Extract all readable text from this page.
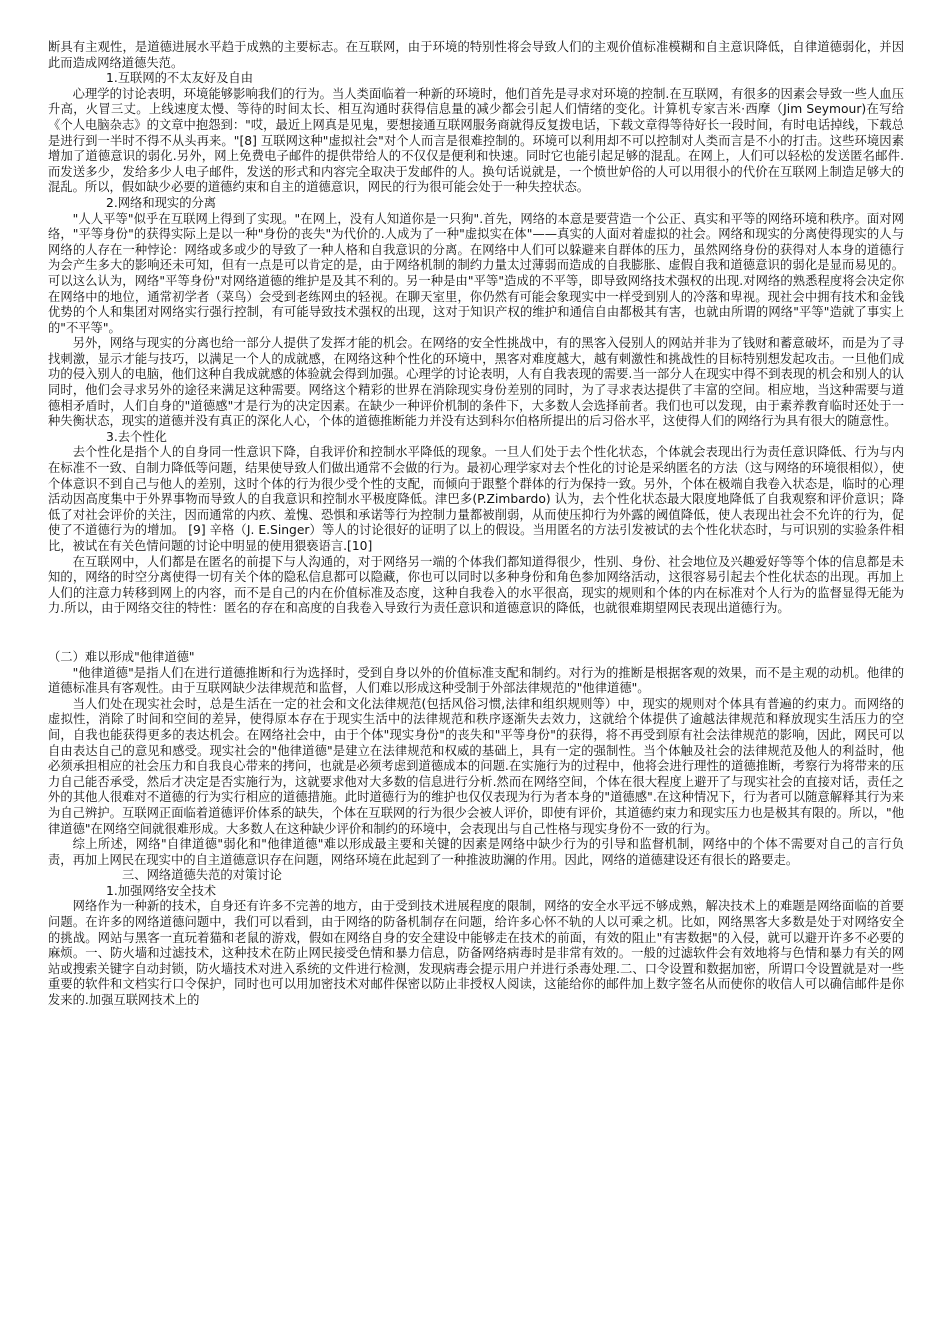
断具有主观性，是道德进展水平趋于成熟的主要标志。在互联网，由于环境的特别性将会导致人们的主观价值标准模糊和自主意识降低，自律道德弱化，并因此而造成网络道德失范。
1.互联网的不太友好及自由
心理学的讨论表明，环境能够影响我们的行为。当人类面临着一种新的环境时，他们首先是寻求对环境的控制.在互联网，有很多的因素会导致一些人血压升高，火冒三丈。上线速度太慢、等待的时间太长、相互沟通时获得信息量的减少都会引起人们情绪的变化。计算机专家吉米·西摩（Jim Seymour)在写给《个人电脑杂志》的文章中抱怨到："哎，最近上网真是见鬼，要想接通互联网服务商就得反复拨电话，下载文章得等待好长一段时间，有时电话掉线，下载总是进行到一半时不得不从头再来。"[8] 互联网这种"虚拟社会"对个人而言是很难控制的。环境可以利用却不可以控制对人类而言是不小的打击。这些环境因素增加了道德意识的弱化.另外，网上免费电子邮件的提供带给人的不仅仅是便利和快速。同时它也能引起足够的混乱。在网上，人们可以轻松的发送匿名邮件.而发送多少，发给多少人电子邮件，发送的形式和内容完全取决于发邮件的人。换句话说就是，一个愤世妒俗的人可以用很小的代价在互联网上制造足够大的混乱。所以，假如缺少必要的道德约束和自主的道德意识，网民的行为很可能会处于一种失控状态。
2.网络和现实的分离
"人人平等"似乎在互联网上得到了实现。"在网上，没有人知道你是一只狗".首先，网络的本意是要营造一个公正、真实和平等的网络环境和秩序。面对网络，"平等身份"的获得实际上是以一种"身份的丧失"为代价的.人成为了一种"虚拟实在体"——真实的人面对着虚拟的社会。网络和现实的分离使得现实的人与网络的人存在一种悖论：网络或多或少的导致了一种人格和自我意识的分离。在网络中人们可以躲避来自群体的压力，虽然网络身份的获得对人本身的道德行为会产生多大的影响还未可知，但有一点是可以肯定的是，由于网络机制的制约力量太过薄弱而造成的自我膨胀、虚假自我和道德意识的弱化是显而易见的。可以这么认为，网络"平等身份"对网络道德的维护是及其不利的。另一种是由"平等"造成的不平等，即导致网络技术强权的出现.对网络的熟悉程度将会决定你在网络中的地位，通常初学者（菜鸟）会受到老练网虫的轻视。在聊天室里，你仍然有可能会象现实中一样受到别人的冷落和卑视。现社会中拥有技术和金钱优势的个人和集团对网络实行强行控制，有可能导致技术强权的出现，这对于知识产权的维护和通信自由都极其有害，也就由所谓的网络"平等"造就了事实上的"不平等"。
另外，网络与现实的分离也给一部分人提供了发挥才能的机会。在网络的安全性挑战中，有的黑客入侵别人的网站并非为了钱财和蓄意破坏，而是为了寻找刺激，显示才能与技巧，以满足一个人的成就感，在网络这种个性化的环境中，黑客对难度越大，越有刺激性和挑战性的目标特别想发起攻击。一旦他们成功的侵入别人的电脑，他们这种自我成就感的体验就会得到加强。心理学的讨论表明，人有自我表现的需要.当一部分人在现实中得不到表现的机会和别人的认同时，他们会寻求另外的途径来满足这种需要。网络这个精彩的世界在消除现实身份差别的同时，为了寻求表达提供了丰富的空间。相应地，当这种需要与道德相矛盾时，人们自身的"道德感"才是行为的决定因素。在缺少一种评价机制的条件下，大多数人会选择前者。我们也可以发现，由于素养教育临时还处于一种失衡状态，现实的道德并没有真正的深化人心，个体的道德推断能力并没有达到科尔伯格所提出的后习俗水平，这使得人们的网络行为具有很大的随意性。
3.去个性化
去个性化是指个人的自身同一性意识下降，自我评价和控制水平降低的现象。一旦人们处于去个性化状态，个体就会表现出行为责任意识降低、行为与内在标准不一致、自制力降低等问题，结果使导致人们做出通常不会做的行为。最初心理学家对去个性化的讨论是采纳匿名的方法（这与网络的环境很相似），使个体意识不到自己与他人的差别，这时个体的行为很少受个性的支配，而倾向于跟整个群体的行为保持一致。另外，个体在极端自我卷入状态是，临时的心理活动因高度集中于外界事物而导致人的自我意识和控制水平极度降低。津巴多(P.Zimbardo) 认为，去个性化状态最大限度地降低了自我观察和评价意识；降低了对社会评价的关注，因而通常的内疚、羞愧、恐惧和承诺等行为控制力量都被削弱，从而使压抑行为外露的阈值降低，使人表现出社会不允许的行为，促使了不道德行为的增加。 [9] 辛格（J. E.Singer）等人的讨论很好的证明了以上的假设。当用匿名的方法引发被试的去个性化状态时，与可识别的实验条件相比，被试在有关色情问题的讨论中明显的使用猥亵语言.[10]
在互联网中，人们都是在匿名的前提下与人沟通的，对于网络另一端的个体我们都知道得很少，性别、身份、社会地位及兴趣爱好等等个体的信息都是未知的，网络的时空分离使得一切有关个体的隐私信息都可以隐藏，你也可以同时以多种身份和角色参加网络活动，这很容易引起去个性化状态的出现。再加上人们的注意力转移到网上的内容，而不是自己的内在价值标准及态度，这种自我卷入的水平很高，现实的规则和个体的内在标准对个人行为的监督显得无能为力.所以，由于网络交往的特性：匿名的存在和高度的自我卷入导致行为责任意识和道德意识的降低，也就很难期望网民表现出道德行为。
（二）难以形成"他律道德"
"他律道德"是指人们在进行道德推断和行为选择时，受到自身以外的价值标准支配和制约。对行为的推断是根据客观的效果，而不是主观的动机。他律的道德标准具有客观性。由于互联网缺少法律规范和监督，人们难以形成这种受制于外部法律规范的"他律道德"。
当人们处在现实社会时，总是生活在一定的社会和文化法律规范(包括风俗习惯,法律和组织规则等）中，现实的规则对个体具有普遍的约束力。而网络的虚拟性，消除了时间和空间的差异，使得原本存在于现实生活中的法律规范和秩序逐渐失去效力，这就给个体提供了逾越法律规范和释放现实生活压力的空间，自我也能获得更多的表达机会。在网络社会中，由于个体"现实身份"的丧失和"平等身份"的获得，将不再受到原有社会法律规范的影响，因此，网民可以自由表达自己的意见和感受。现实社会的"他律道德"是建立在法律规范和权威的基础上，具有一定的强制性。当个体触及社会的法律规范及他人的利益时，他必须承担相应的社会压力和自我良心带来的拷问，也就是必须考虑到道德成本的问题.在实施行为的过程中，他将会进行理性的道德推断，考察行为将带来的压力自己能否承受，然后才决定是否实施行为，这就要求他对大多数的信息进行分析.然而在网络空间，个体在很大程度上避开了与现实社会的直接对话，责任之外的其他人很难对不道德的行为实行相应的道德措施。此时道德行为的维护也仅仅表现为行为者本身的"道德感".在这种情况下，行为者可以随意解释其行为来为自己辨护。互联网正面临着道德评价体系的缺失，个体在互联网的行为很少会被人评价，即使有评价，其道德约束力和现实压力也是极其有限的。所以，"他律道德"在网络空间就很难形成。大多数人在这种缺少评价和制约的环境中，会表现出与自己性格与现实身份不一致的行为。
综上所述，网络"自律道德"弱化和"他律道德"难以形成最主要和关键的因素是网络中缺少行为的引导和监督机制，网络中的个体不需要对自己的言行负责，再加上网民在现实中的自主道德意识存在问题，网络环境在此起到了一种推波助澜的作用。因此，网络的道德建设还有很长的路要走。
三、网络道德失范的对策讨论
1.加强网络安全技术
网络作为一种新的技术，自身还有许多不完善的地方，由于受到技术进展程度的限制，网络的安全水平远不够成熟，解决技术上的难题是网络面临的首要问题。在许多的网络道德问题中，我们可以看到，由于网络的防备机制存在问题，给许多心怀不轨的人以可乘之机。比如，网络黑客大多数是处于对网络安全的挑战。网站与黑客一直玩着猫和老鼠的游戏，假如在网络自身的安全建设中能够走在技术的前面，有效的阻止"有害数据"的入侵，就可以避开许多不必要的麻烦。一、防火墙和过滤技术，这种技术在防止网民接受色情和暴力信息，防备网络病毒时是非常有效的。一般的过滤软件会有效地将与色情和暴力有关的网站或搜索关键字自动封锁，防火墙技术对进入系统的文件进行检测，发现病毒会提示用户并进行杀毒处理.二、口令设置和数据加密，所谓口令设置就是对一些重要的软件和文档实行口令保护，同时也可以用加密技术对邮件保密以防止非授权人阅读，这能给你的邮件加上数字签名从而使你的收信人可以确信邮件是你发来的.加强互联网技术上的
